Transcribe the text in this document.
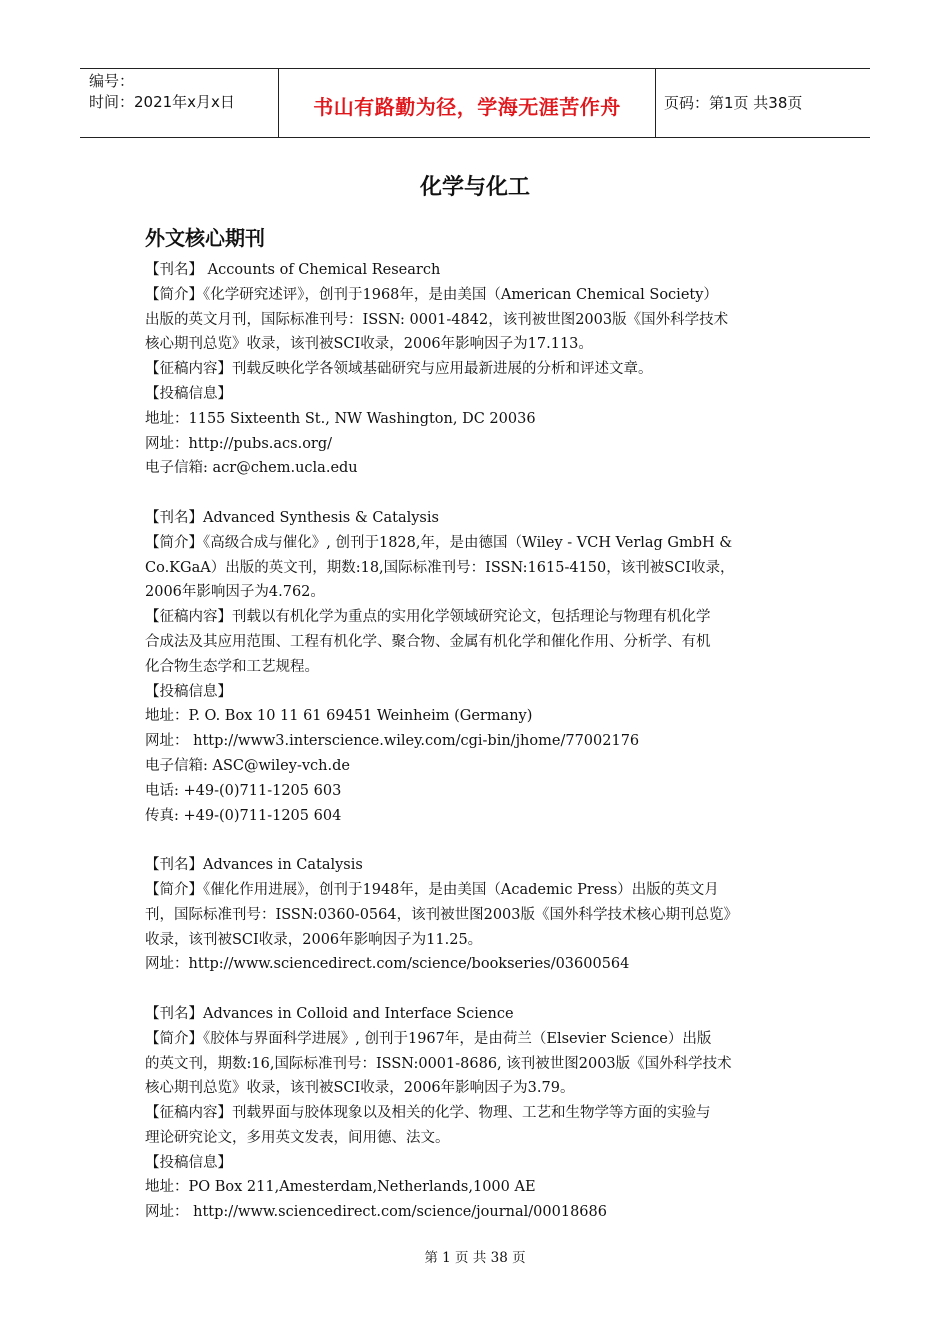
编号：
时间：2021年x月x日	书山有路勤为径，学海无涯苦作舟	页码：第1页 共38页
化学与化工
外文核心期刊
【刊名】 Accounts of Chemical Research
【简介】《化学研究述评》，创刊于1968年，是由美国（American Chemical Society）
出版的英文月刊，国际标准刊号：ISSN: 0001-4842，该刊被世图2003版《国外科学技术
核心期刊总览》收录，该刊被SCI收录，2006年影响因子为17.113。
【征稿内容】刊载反映化学各领域基础研究与应用最新进展的分析和评述文章。
【投稿信息】
地址：1155 Sixteenth St., NW Washington, DC 20036
网址：http://pubs.acs.org/
电子信箱: acr@chem.ucla.edu
【刊名】Advanced Synthesis & Catalysis
【简介】《高级合成与催化》, 创刊于1828,年，是由德国（Wiley - VCH Verlag GmbH &
Co.KGaA）出版的英文刊，期数:18,国际标准刊号：ISSN:1615-4150，该刊被SCI收录，
2006年影响因子为4.762。
【征稿内容】刊载以有机化学为重点的实用化学领域研究论文，包括理论与物理有机化学
合成法及其应用范围、工程有机化学、聚合物、金属有机化学和催化作用、分析学、有机
化合物生态学和工艺规程。
【投稿信息】
地址：P. O. Box 10 11 61 69451 Weinheim (Germany)
网址： http://www3.interscience.wiley.com/cgi-bin/jhome/77002176
电子信箱: ASC@wiley-vch.de
电话: +49-(0)711-1205 603
传真: +49-(0)711-1205 604
【刊名】Advances in Catalysis
【简介】《催化作用进展》，创刊于1948年，是由美国（Academic Press）出版的英文月
刊，国际标准刊号：ISSN:0360-0564，该刊被世图2003版《国外科学技术核心期刊总览》
收录，该刊被SCI收录，2006年影响因子为11.25。
网址：http://www.sciencedirect.com/science/bookseries/03600564
【刊名】Advances in Colloid and Interface Science
【简介】《胶体与界面科学进展》, 创刊于1967年，是由荷兰（Elsevier Science）出版
的英文刊，期数:16,国际标准刊号：ISSN:0001-8686, 该刊被世图2003版《国外科学技术
核心期刊总览》收录，该刊被SCI收录，2006年影响因子为3.79。
【征稿内容】刊载界面与胶体现象以及相关的化学、物理、工艺和生物学等方面的实验与
理论研究论文，多用英文发表，间用德、法文。
【投稿信息】
地址：PO Box 211,Amesterdam,Netherlands,1000 AE
网址： http://www.sciencedirect.com/science/journal/00018686
第 1 页 共 38 页
